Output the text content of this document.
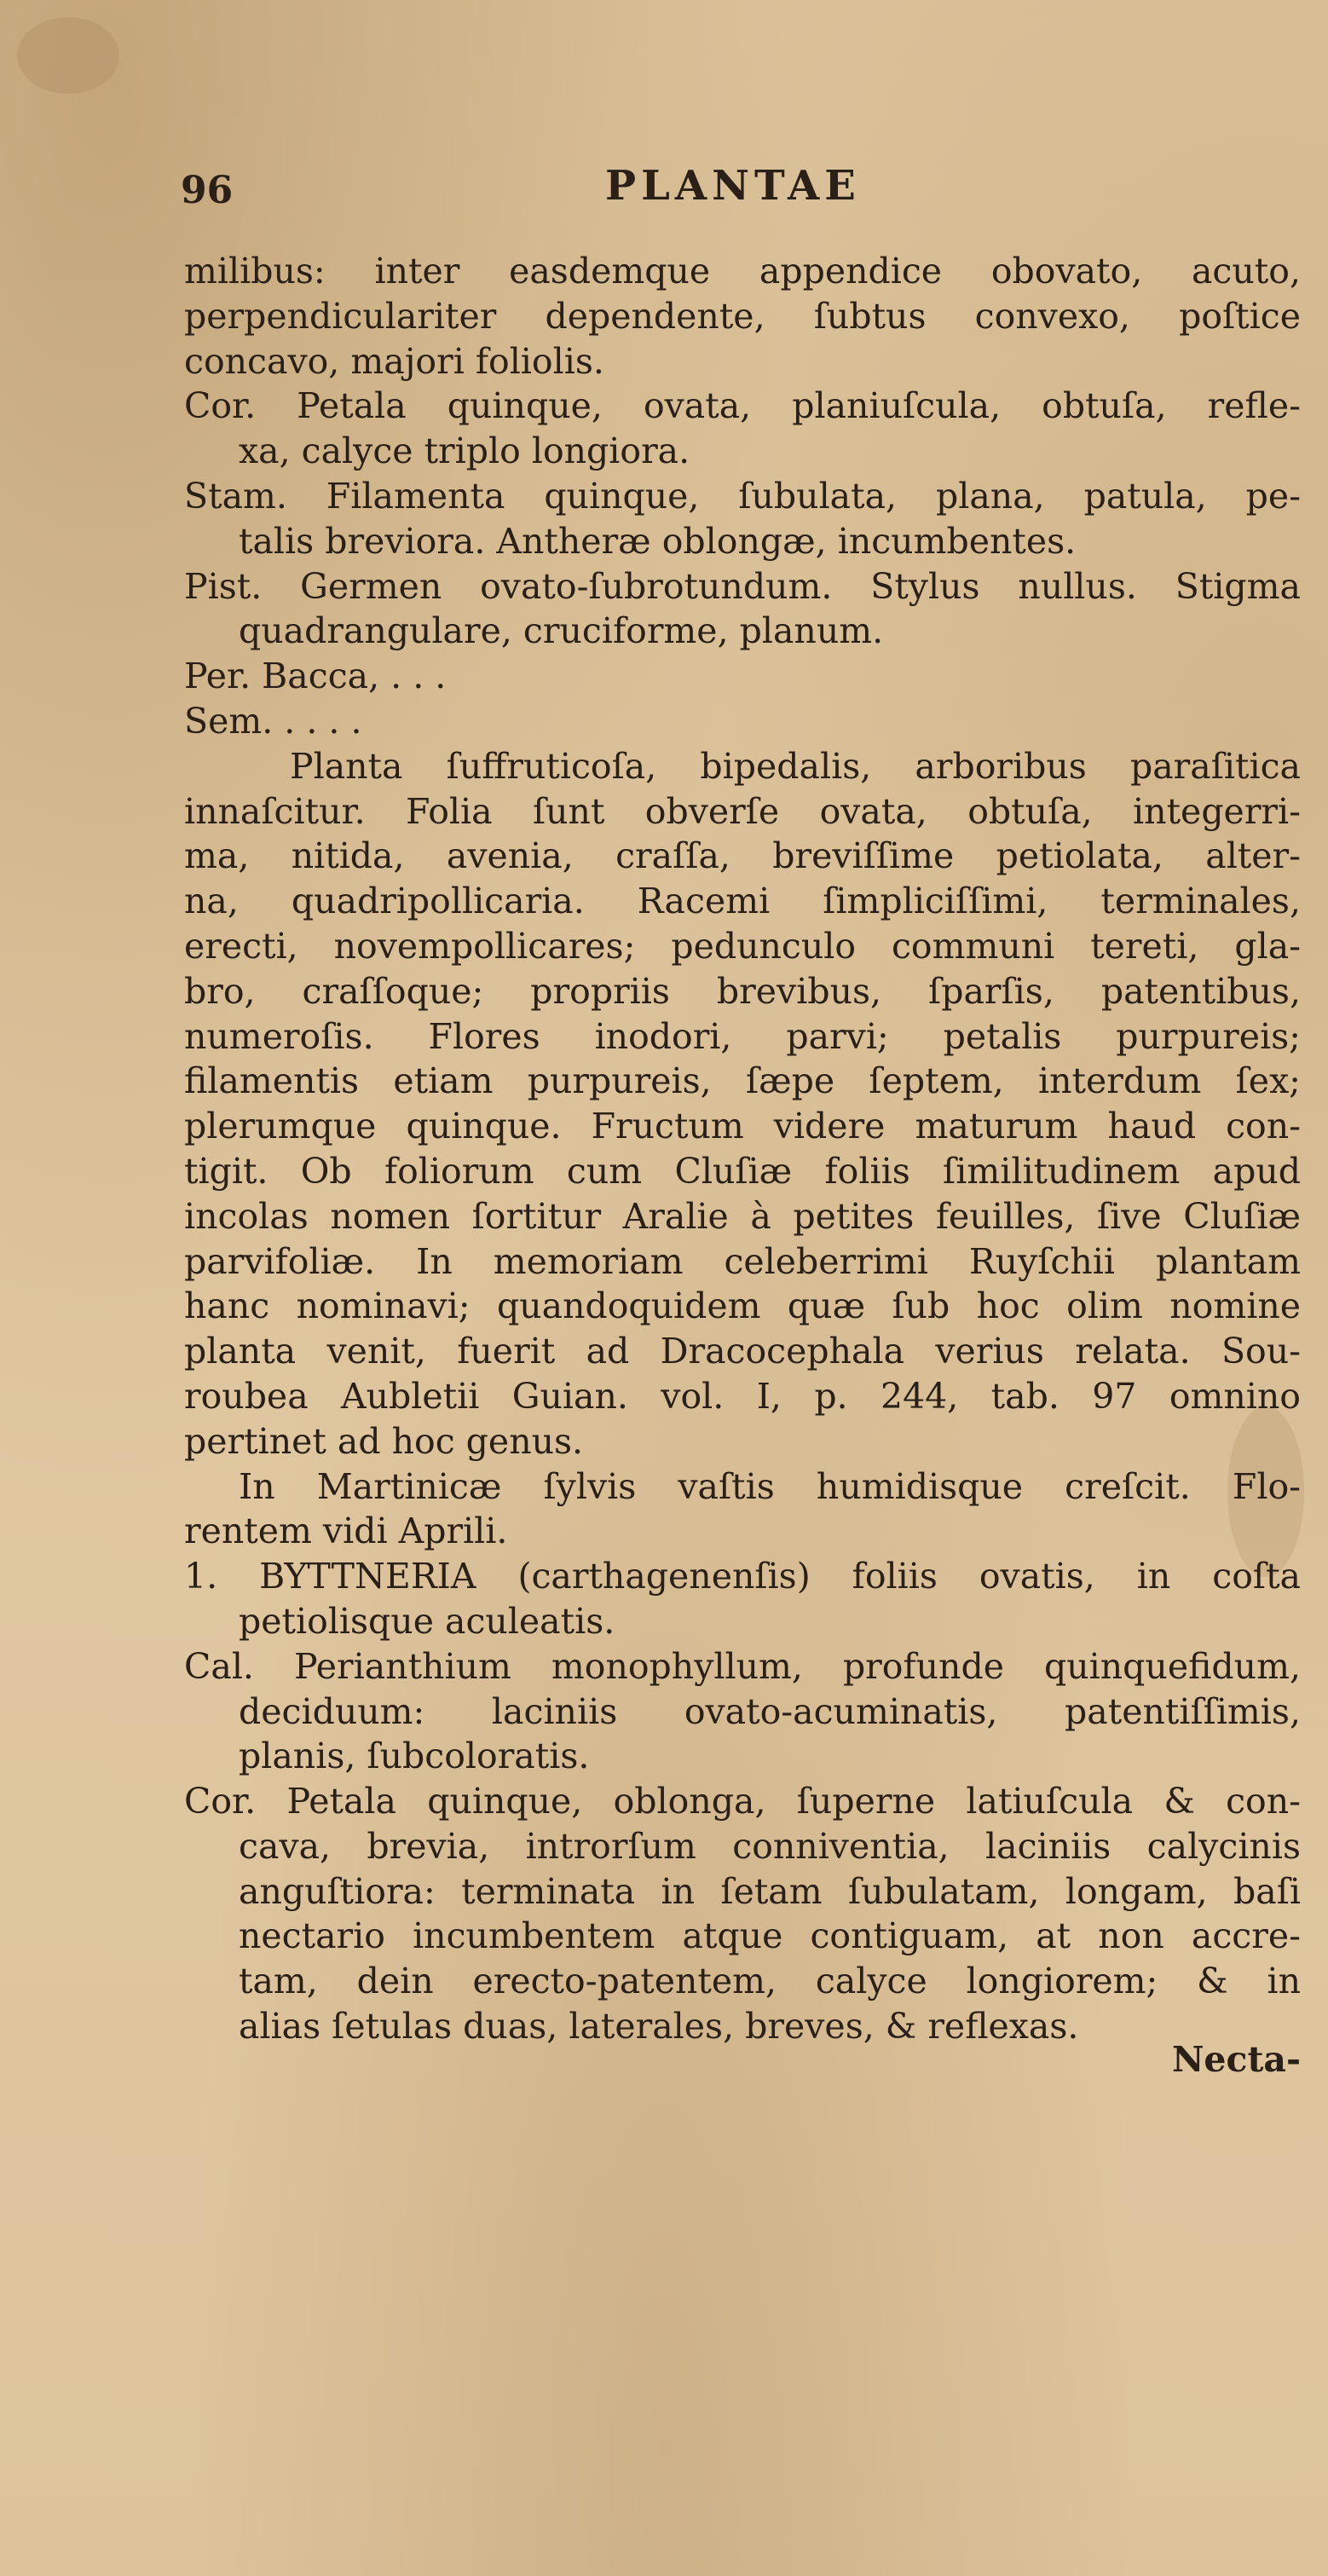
96	PLANTAE
milibus: inter easdemque appendice obovato, acuto,
perpendiculariter dependente, ſubtus convexo, poſtice
concavo, majori foliolis.
Cor. Petala quinque, ovata, planiuſcula, obtuſa, refle-
xa, calyce triplo longiora.
Stam. Filamenta quinque, ſubulata, plana, patula, pe-
talis breviora. Antheræ oblongæ, incumbentes.
Pist. Germen ovato-ſubrotundum. Stylus nullus. Stigma
quadrangulare, cruciforme, planum.
Per. Bacca, . . .
Sem. . . . .
Planta ſuffruticoſa, bipedalis, arboribus paraſitica
innaſcitur. Folia ſunt obverſe ovata, obtuſa, integerri-
ma, nitida, avenia, craſſa, breviſſime petiolata, alter-
na, quadripollicaria. Racemi ſimpliciſſimi, terminales,
erecti, novempollicares; pedunculo communi tereti, gla-
bro, craſſoque; propriis brevibus, ſparſis, patentibus,
numeroſis. Flores inodori, parvi; petalis purpureis;
filamentis etiam purpureis, ſæpe ſeptem, interdum ſex;
plerumque quinque. Fructum videre maturum haud con-
tigit. Ob foliorum cum Cluſiæ foliis ſimilitudinem apud
incolas nomen ſortitur Aralie à petites feuilles, ſive Cluſiæ
parvifoliæ. In memoriam celeberrimi Ruyſchii plantam
hanc nominavi; quandoquidem quæ ſub hoc olim nomine
planta venit, fuerit ad Dracocephala verius relata. Sou-
roubea Aubletii Guian. vol. I, p. 244, tab. 97 omnino
pertinet ad hoc genus.
In Martinicæ ſylvis vaſtis humidisque creſcit. Flo-
rentem vidi Aprili.
1. BYTTNERIA (carthagenenſis) foliis ovatis, in coſta
petiolisque aculeatis.
Cal. Perianthium monophyllum, profunde quinquefidum,
deciduum: laciniis ovato-acuminatis, patentiſſimis,
planis, ſubcoloratis.
Cor. Petala quinque, oblonga, ſuperne latiuſcula & con-
cava, brevia, introrſum conniventia, laciniis calycinis
anguſtiora: terminata in ſetam ſubulatam, longam, baſi
nectario incumbentem atque contiguam, at non accre-
tam, dein erecto-patentem, calyce longiorem; & in
alias ſetulas duas, laterales, breves, & reflexas.
Necta-
